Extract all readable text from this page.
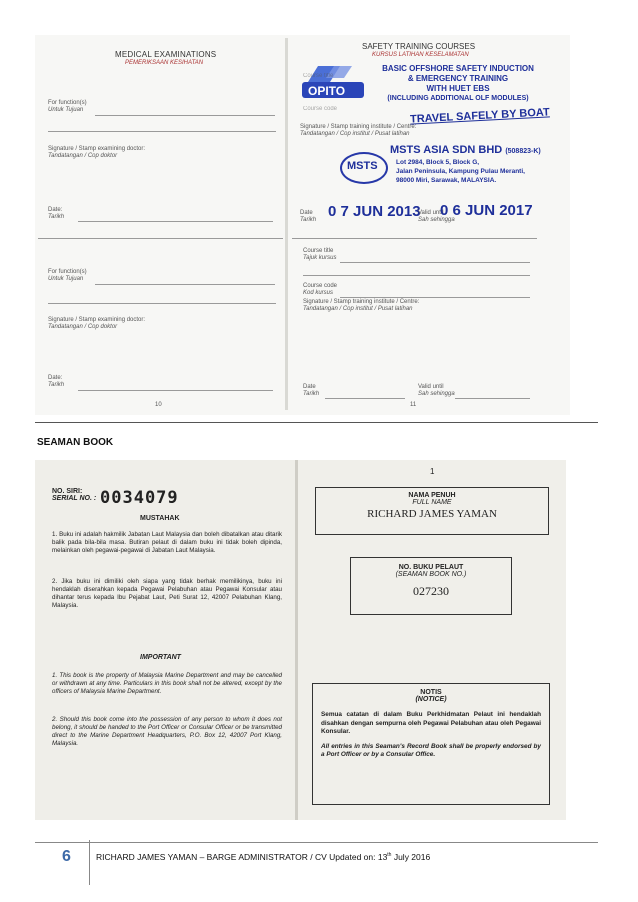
MEDICAL EXAMINATIONS
PEMERIKSAAN KESIHATAN
For function(s)
Untuk Tujuan
Signature / Stamp examining doctor:
Tandatangan / Cop doktor
Date:
Tarikh
For function(s)
Untuk Tujuan
Signature / Stamp examining doctor:
Tandatangan / Cop doktor
Date:
Tarikh
10
SAFETY TRAINING COURSES
KURSUS LATIHAN KESELAMATAN
OPITO
Course title
Course code
BASIC OFFSHORE SAFETY INDUCTION
& EMERGENCY TRAINING
WITH HUET EBS
(INCLUDING ADDITIONAL OLF MODULES)
TRAVEL SAFELY BY BOAT
Signature / Stamp training institute / Centre:
Tandatangan / Cop institut / Pusat latihan
MSTS
MSTS ASIA SDN BHD (508823-K)
Lot 2984, Block 5, Block G,
Jalan Peninsula, Kampung Pulau Meranti,
98000 Miri, Sarawak, MALAYSIA.
Date
Tarikh 0 7 JUN 2013
Valid until
Sah sehingga
0 6 JUN 2017
Course title
Tajuk kursus
Course code
Kod kursus
Signature / Stamp training institute / Centre:
Tandatangan / Cop institut / Pusat latihan
Date
Tarikh
Valid until
Sah sehingga
11
SEAMAN BOOK
NO. SIRI:
SERIAL NO. : 0034079
MUSTAHAK
1. Buku ini adalah hakmilik Jabatan Laut Malaysia dan boleh dibatalkan atau ditarik balik pada bila-bila masa. Butiran pelaut di dalam buku ini tidak boleh dipinda, melainkan oleh pegawai-pegawai di Jabatan Laut Malaysia.
2. Jika buku ini dimiliki oleh siapa yang tidak berhak memilikinya, buku ini hendaklah diserahkan kepada Pegawai Pelabuhan atau Pegawai Konsular atau dihantar terus kepada Ibu Pejabat Laut, Peti Surat 12, 42007 Pelabuhan Klang, Malaysia.
IMPORTANT
1. This book is the property of Malaysia Marine Department and may be cancelled or withdrawn at any time. Particulars in this book shall not be altered, except by the officers of Malaysia Marine Department.
2. Should this book come into the possession of any person to whom it does not belong, it should be handed to the Port Officer or Consular Officer or be transmitted direct to the Marine Department Headquarters, P.O. Box 12, 42007 Port Klang, Malaysia.
1
NAMA PENUH
FULL NAME
RICHARD JAMES YAMAN
NO. BUKU PELAUT
(SEAMAN BOOK NO.)
027230
NOTIS
(NOTICE)
Semua catatan di dalam Buku Perkhidmatan Pelaut ini hendaklah disahkan dengan sempurna oleh Pegawai Pelabuhan atau oleh Pegawai Konsular.
All entries in this Seaman's Record Book shall be properly endorsed by a Port Officer or by a Consular Office.
6	RICHARD JAMES YAMAN – BARGE ADMINISTRATOR / CV Updated on: 13th July 2016
